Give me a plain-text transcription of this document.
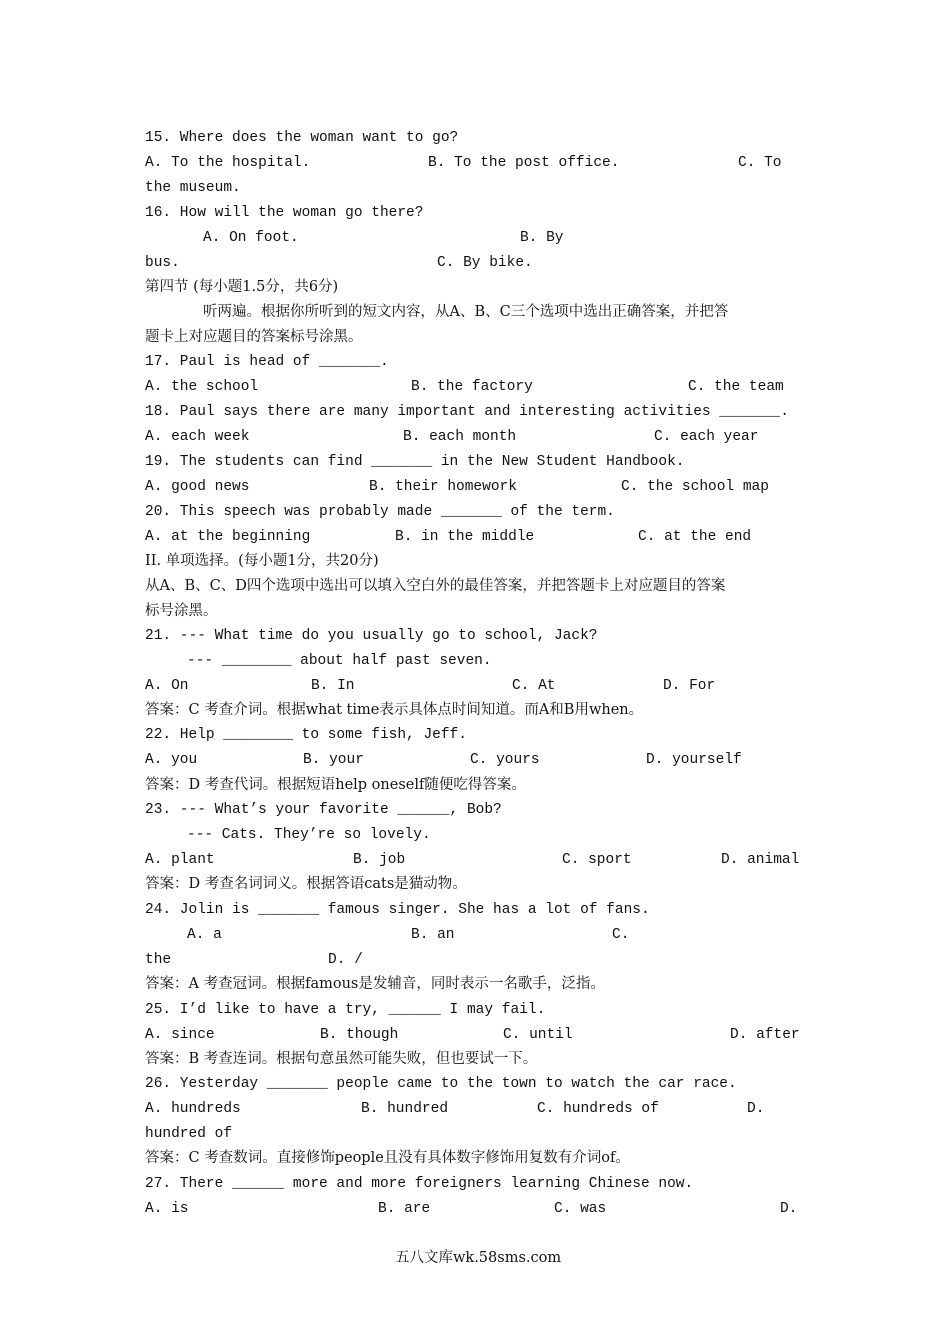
15. Where does the woman want to go?
A. To the hospital.	B. To the post office.	C. To
the museum.
16. How will the woman go there?
A. On foot.	B. By
bus.	C. By bike.
第四节 (每小题1.5分，共6分)
听两遍。根据你所听到的短文内容，从A、B、C三个选项中选出正确答案，并把答
题卡上对应题目的答案标号涂黑。
17. Paul is head of _______.
A. the school	B. the factory	C. the team
18. Paul says there are many important and interesting activities _______.
A. each week	B. each month	C. each year
19. The students can find _______ in the New Student Handbook.
A. good news	B. their homework	C. the school map
20. This speech was probably made _______ of the term.
A. at the beginning	B. in the middle	C. at the end
II. 单项选择。(每小题1分，共20分)
从A、B、C、D四个选项中选出可以填入空白外的最佳答案，并把答题卡上对应题目的答案
标号涂黑。
21. --- What time do you usually go to school, Jack?
--- ________ about half past seven.
A. On	B. In	C. At	D. For
答案：C 考查介词。根据what time表示具体点时间知道。而A和B用when。
22. Help ________ to some fish, Jeff.
A. you	B. your	C. yours	D. yourself
答案：D 考查代词。根据短语help oneself随便吃得答案。
23. --- What’s your favorite ______, Bob?
--- Cats. They’re so lovely.
A. plant	B. job	C. sport	D. animal
答案：D 考查名词词义。根据答语cats是猫动物。
24. Jolin is _______ famous singer. She has a lot of fans.
A. a	B. an	C.
the	D. /
答案：A 考查冠词。根据famous是发辅音，同时表示一名歌手，泛指。
25. I’d like to have a try, ______ I may fail.
A. since	B. though	C. until	D. after
答案：B 考查连词。根据句意虽然可能失败，但也要试一下。
26. Yesterday _______ people came to the town to watch the car race.
A. hundreds	B. hundred	C. hundreds of	D.
hundred of
答案：C 考查数词。直接修饰people且没有具体数字修饰用复数有介词of。
27. There ______ more and more foreigners learning Chinese now.
A. is	B. are	C. was	D.
五八文库wk.58sms.com
